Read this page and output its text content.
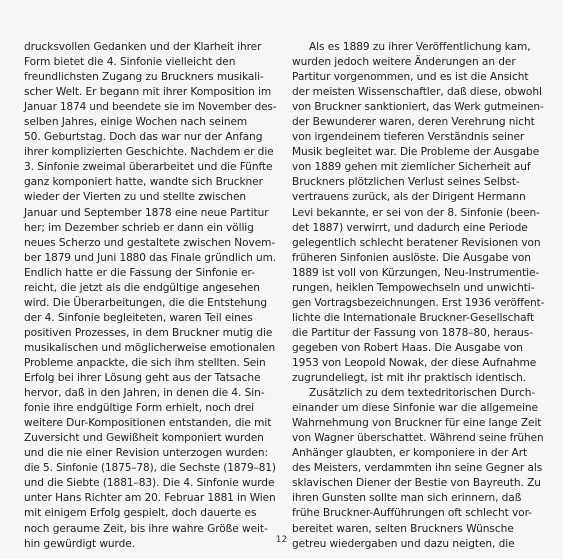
drucksvollen Gedanken und der Klarheit ihrer
Form bietet die 4. Sinfonie vielleicht den
freundlichsten Zugang zu Bruckners musikali-
scher Welt. Er begann mit ihrer Komposition im
Januar 1874 und beendete sie im November des-
selben Jahres, einige Wochen nach seinem
50. Geburtstag. Doch das war nur der Anfang
ihrer komplizierten Geschichte. Nachdem er die
3. Sinfonie zweimal überarbeitet und die Fünfte
ganz komponiert hatte, wandte sich Bruckner
wieder der Vierten zu und stellte zwischen
Januar und September 1878 eine neue Partitur
her; im Dezember schrieb er dann ein völlig
neues Scherzo und gestaltete zwischen Novem-
ber 1879 und Juni 1880 das Finale gründlich um.
Endlich hatte er die Fassung der Sinfonie er-
reicht, die jetzt als die endgültige angesehen
wird. Die Überarbeitungen, die die Entstehung
der 4. Sinfonie begleiteten, waren Teil eines
positiven Prozesses, in dem Bruckner mutig die
musikalischen und möglicherweise emotionalen
Probleme anpackte, die sich ihm stellten. Sein
Erfolg bei ihrer Lösung geht aus der Tatsache
hervor, daß in den Jahren, in denen die 4. Sin-
fonie ihre endgültige Form erhielt, noch drei
weitere Dur-Kompositionen entstanden, die mit
Zuversicht und Gewißheit komponiert wurden
und die nie einer Revision unterzogen wurden:
die 5. Sinfonie (1875–78), die Sechste (1879–81)
und die Siebte (1881–83). Die 4. Sinfonie wurde
unter Hans Richter am 20. Februar 1881 in Wien
mit einigem Erfolg gespielt, doch dauerte es
noch geraume Zeit, bis ihre wahre Größe weit-
hin gewürdigt wurde.
Als es 1889 zu ihrer Veröffentlichung kam,
wurden jedoch weitere Änderungen an der
Partitur vorgenommen, und es ist die Ansicht
der meisten Wissenschaftler, daß diese, obwohl
von Bruckner sanktioniert, das Werk gutmeinen-
der Bewunderer waren, deren Verehrung nicht
von irgendeinem tieferen Verständnis seiner
Musik begleitet war. Die Probleme der Ausgabe
von 1889 gehen mit ziemlicher Sicherheit auf
Bruckners plötzlichen Verlust seines Selbst-
vertrauens zurück, als der Dirigent Hermann
Levi bekannte, er sei von der 8. Sinfonie (been-
det 1887) verwirrt, und dadurch eine Periode
gelegentlich schlecht beratener Revisionen von
früheren Sinfonien auslöste. Die Ausgabe von
1889 ist voll von Kürzungen, Neu-Instrumentie-
rungen, heiklen Tempowechseln und unwichti-
gen Vortragsbezeichnungen. Erst 1936 veröffent-
lichte die Internationale Bruckner-Gesellschaft
die Partitur der Fassung von 1878–80, heraus-
gegeben von Robert Haas. Die Ausgabe von
1953 von Leopold Nowak, der diese Aufnahme
zugrundeliegt, ist mit ihr praktisch identisch.
Zusätzlich zu dem textedritorischen Durch-
einander um diese Sinfonie war die allgemeine
Wahrnehmung von Bruckner für eine lange Zeit
von Wagner überschattet. Während seine frühen
Anhänger glaubten, er komponiere in der Art
des Meisters, verdammten ihn seine Gegner als
sklavischen Diener der Bestie von Bayreuth. Zu
ihren Gunsten sollte man sich erinnern, daß
frühe Bruckner-Aufführungen oft schlecht vor-
bereitet waren, selten Bruckners Wünsche
getreu wiedergaben und dazu neigten, die
12
